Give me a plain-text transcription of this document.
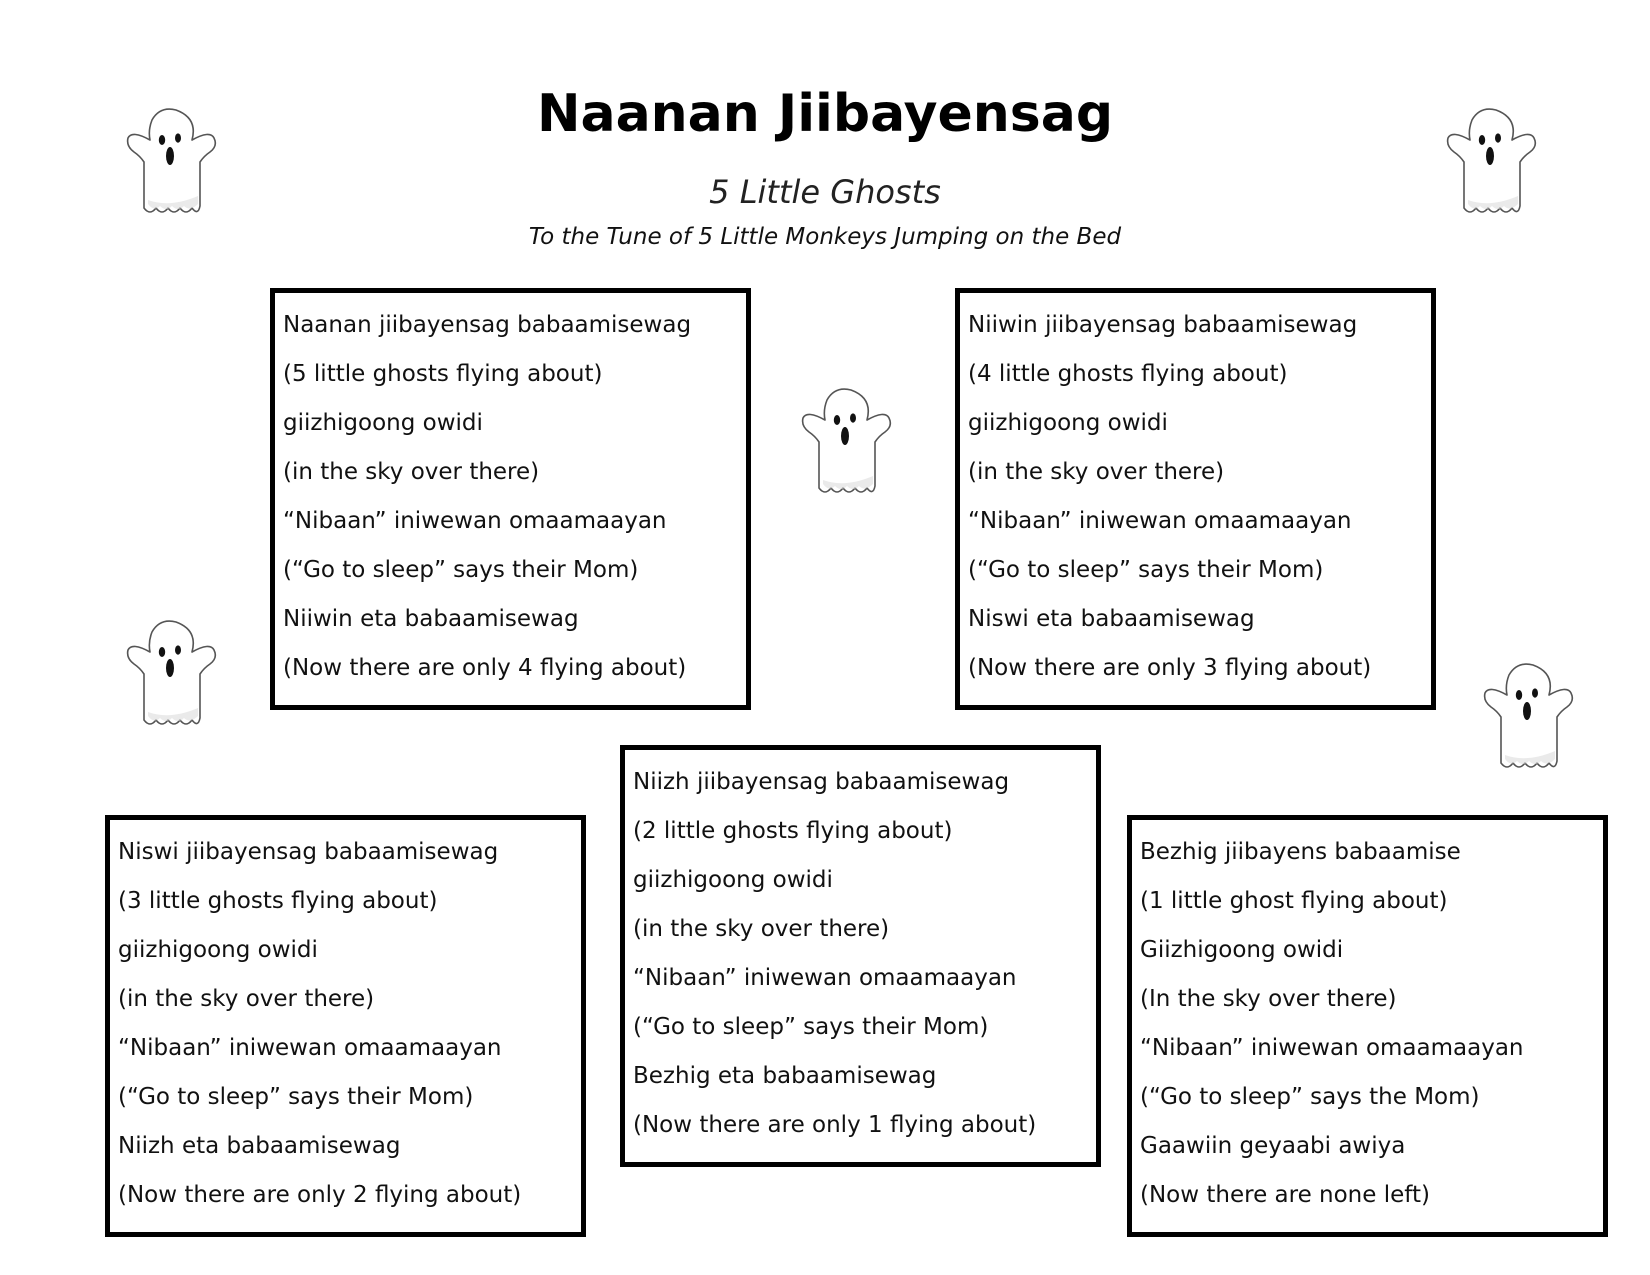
Naanan Jiibayensag
5 Little Ghosts
To the Tune of 5 Little Monkeys Jumping on the Bed
Naanan jiibayensag babaamisewag
(5 little ghosts flying about)
giizhigoong owidi
(in the sky over there)
“Nibaan” iniwewan omaamaayan
(“Go to sleep” says their Mom)
Niiwin eta babaamisewag
(Now there are only 4 flying about)
Niiwin jiibayensag babaamisewag
(4 little ghosts flying about)
giizhigoong owidi
(in the sky over there)
“Nibaan” iniwewan omaamaayan
(“Go to sleep” says their Mom)
Niswi eta babaamisewag
(Now there are only 3 flying about)
Niizh jiibayensag babaamisewag
(2 little ghosts flying about)
giizhigoong owidi
(in the sky over there)
“Nibaan” iniwewan omaamaayan
(“Go to sleep” says their Mom)
Bezhig eta babaamisewag
(Now there are only 1 flying about)
Niswi jiibayensag babaamisewag
(3 little ghosts flying about)
giizhigoong owidi
(in the sky over there)
“Nibaan” iniwewan omaamaayan
(“Go to sleep” says their Mom)
Niizh eta babaamisewag
(Now there are only 2 flying about)
Bezhig jiibayens babaamise
(1 little ghost flying about)
Giizhigoong owidi
(In the sky over there)
“Nibaan” iniwewan omaamaayan
(“Go to sleep” says the Mom)
Gaawiin geyaabi awiya
(Now there are none left)
